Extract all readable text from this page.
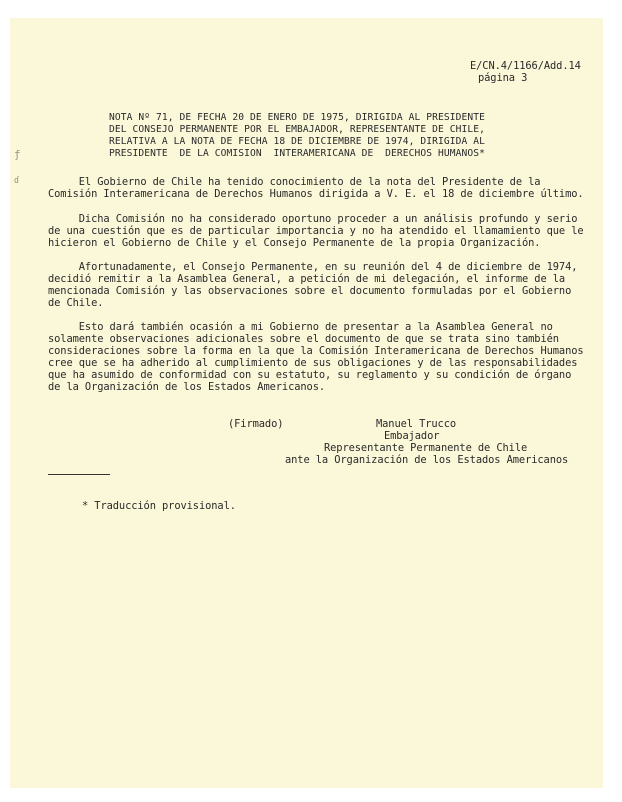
ƒ
ɗ
E/CN.4/1166/Add.14
página 3
NOTA Nº 71, DE FECHA 20 DE ENERO DE 1975, DIRIGIDA AL PRESIDENTE
DEL CONSEJO PERMANENTE POR EL EMBAJADOR, REPRESENTANTE DE CHILE,
RELATIVA A LA NOTA DE FECHA 18 DE DICIEMBRE DE 1974, DIRIGIDA AL
PRESIDENTE  DE LA COMISION  INTERAMERICANA DE  DERECHOS HUMANOS*
El Gobierno de Chile ha tenido conocimiento de la nota del Presidente de la
Comisión Interamericana de Derechos Humanos dirigida a V. E. el 18 de diciembre último.
Dicha Comisión no ha considerado oportuno proceder a un análisis profundo y serio
de una cuestión que es de particular importancia y no ha atendido el llamamiento que le
hicieron el Gobierno de Chile y el Consejo Permanente de la propia Organización.
Afortunadamente, el Consejo Permanente, en su reunión del 4 de diciembre de 1974,
decidió remitir a la Asamblea General, a petición de mi delegación, el informe de la
mencionada Comisión y las observaciones sobre el documento formuladas por el Gobierno
de Chile.
Esto dará también ocasión a mi Gobierno de presentar a la Asamblea General no
solamente observaciones adicionales sobre el documento de que se trata sino también
consideraciones sobre la forma en la que la Comisión Interamericana de Derechos Humanos
cree que se ha adherido al cumplimiento de sus obligaciones y de las responsabilidades
que ha asumido de conformidad con su estatuto, su reglamento y su condición de órgano
de la Organización de los Estados Americanos.
(Firmado)	Manuel Trucco
Embajador
Representante Permanente de Chile
ante la Organización de los Estados Americanos
* Traducción provisional.
